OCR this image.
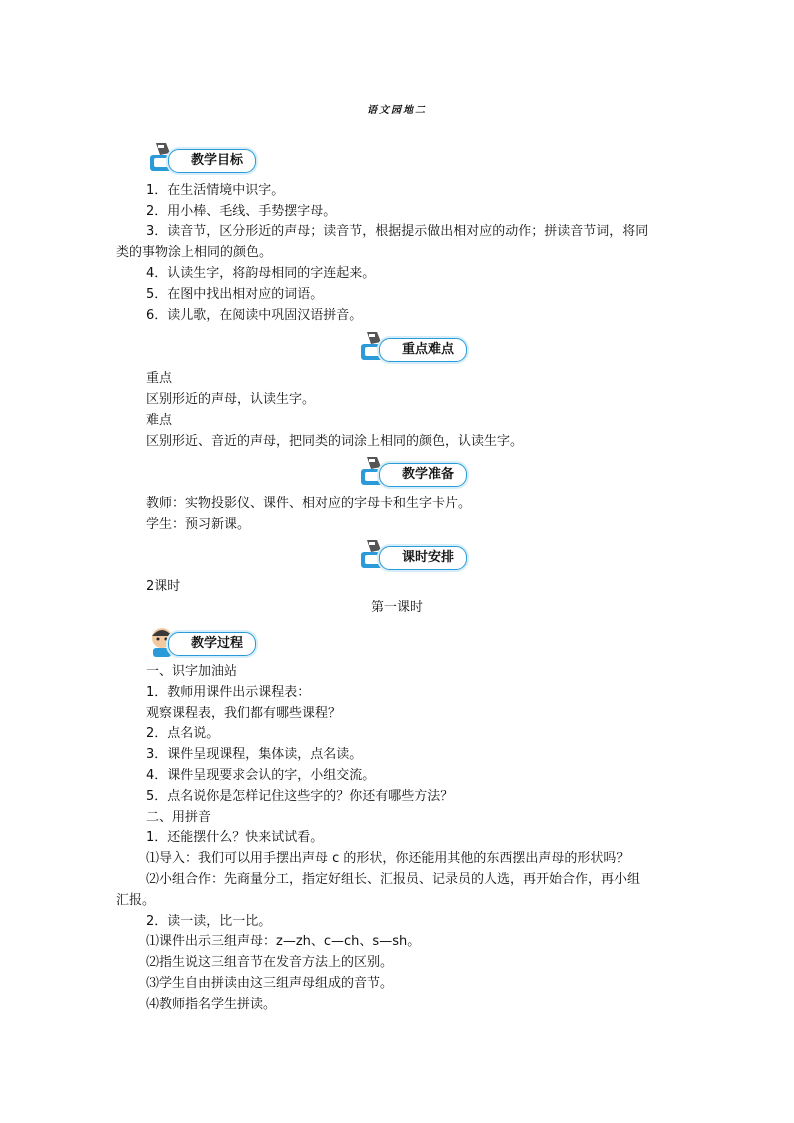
语文园地二
教学目标
1．在生活情境中识字。
2．用小棒、毛线、手势摆字母。
3．读音节，区分形近的声母；读音节，根据提示做出相对应的动作；拼读音节词，将同
类的事物涂上相同的颜色。
4．认读生字，将韵母相同的字连起来。
5．在图中找出相对应的词语。
6．读儿歌，在阅读中巩固汉语拼音。
重点难点
重点
区别形近的声母，认读生字。
难点
区别形近、音近的声母，把同类的词涂上相同的颜色，认读生字。
教学准备
教师：实物投影仪、课件、相对应的字母卡和生字卡片。
学生：预习新课。
课时安排
2课时
第一课时
教学过程
一、识字加油站
1．教师用课件出示课程表：
观察课程表，我们都有哪些课程？
2．点名说。
3．课件呈现课程，集体读，点名读。
4．课件呈现要求会认的字，小组交流。
5．点名说你是怎样记住这些字的？你还有哪些方法？
二、用拼音
1．还能摆什么？快来试试看。
⑴导入：我们可以用手摆出声母 c 的形状，你还能用其他的东西摆出声母的形状吗？
⑵小组合作：先商量分工，指定好组长、汇报员、记录员的人选，再开始合作，再小组
汇报。
2．读一读，比一比。
⑴课件出示三组声母：z—zh、c—ch、s—sh。
⑵指生说这三组音节在发音方法上的区别。
⑶学生自由拼读由这三组声母组成的音节。
⑷教师指名学生拼读。
